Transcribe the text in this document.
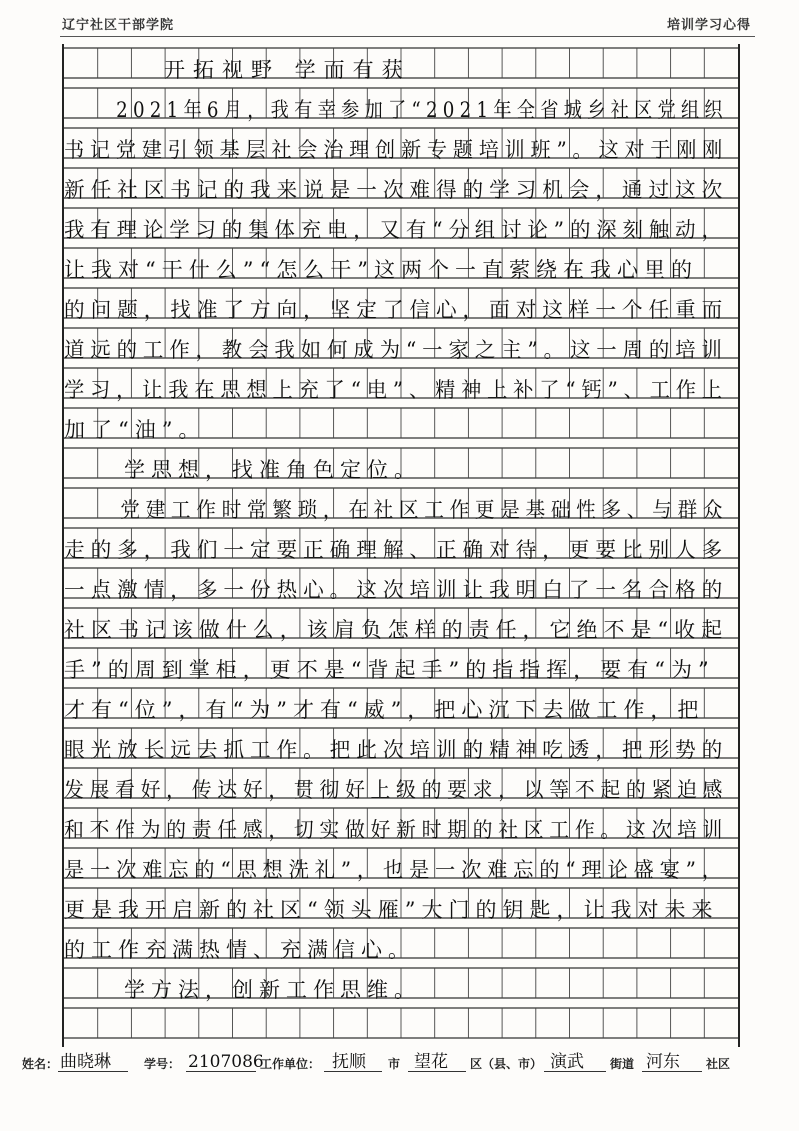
辽宁社区干部学院	培训学习心得
开拓视野 学而有获
2021年6月，我有幸参加了“2021年全省城乡社区党组织
书记党建引领基层社会治理创新专题培训班”。这对于刚刚
新任社区书记的我来说是一次难得的学习机会，通过这次
我有理论学习的集体充电，又有“分组讨论”的深刻触动，
让我对“干什么”“怎么干”这两个一直萦绕在我心里的
的问题，找准了方向，坚定了信心，面对这样一个任重而
道远的工作，教会我如何成为“一家之主”。这一周的培训
学习，让我在思想上充了“电”、精神上补了“钙”、工作上
加了“油”。
学思想，找准角色定位。
党建工作时常繁琐，在社区工作更是基础性多、与群众
走的多，我们一定要正确理解、正确对待，更要比别人多
一点激情，多一份热心。这次培训让我明白了一名合格的
社区书记该做什么，该肩负怎样的责任，它绝不是“收起
手”的周到掌柜，更不是“背起手”的指指挥，要有“为”
才有“位”，有“为”才有“威”，把心沉下去做工作，把
眼光放长远去抓工作。把此次培训的精神吃透，把形势的
发展看好，传达好，贯彻好上级的要求，以等不起的紧迫感
和不作为的责任感，切实做好新时期的社区工作。这次培训
是一次难忘的“思想洗礼”，也是一次难忘的“理论盛宴”，
更是我开启新的社区“领头雁”大门的钥匙，让我对未来
的工作充满热情、充满信心。
学方法，创新工作思维。
姓名： 曲晓琳	学号： 2107086
工作单位： 抚顺 市 望花 区（县、市） 演武 街道 河东 社区
